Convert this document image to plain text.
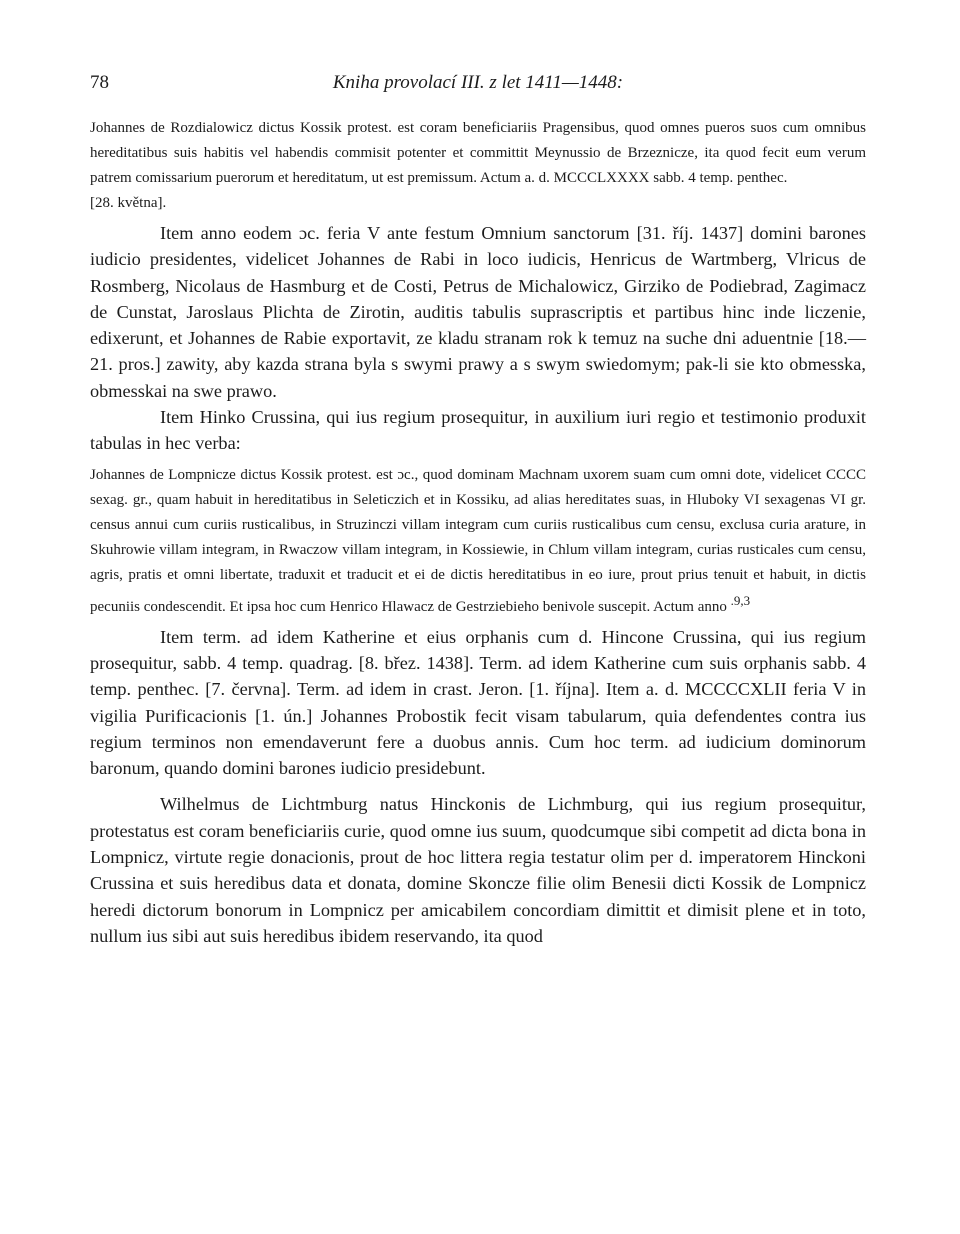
78	Kniha provolací III. z let 1411—1448:

Johannes de Rozdialowicz dictus Kossik protest. est coram beneficiariis Pragensibus, quod omnes pueros suos cum omnibus hereditatibus suis habitis vel habendis commisit potenter et committit Meynussio de Brzeznicze, ita quod fecit eum verum patrem comissarium puerorum et hereditatum, ut est premissum. Actum a. d. MCCCLXXXX sabb. 4 temp. penthec.

[28. května].

Item anno eodem ɔc. feria V ante festum Omnium sanctorum [31. říj. 1437] domini barones iudicio presidentes, videlicet Johannes de Rabi in loco iudicis, Henricus de Wartmberg, Vlricus de Rosmberg, Nicolaus de Hasmburg et de Costi, Petrus de Michalowicz, Girziko de Podiebrad, Zagimacz de Cunstat, Jaroslaus Plichta de Zirotin, auditis tabulis suprascriptis et partibus hinc inde liczenie, edixerunt, et Johannes de Rabie exportavit, ze kladu stranam rok k temuz na suche dni aduentnie [18.—21. pros.] zawity, aby kazda strana byla s swymi prawy a s swym swiedomym; pak-li sie kto obmesska, obmesskai na swe prawo.

Item Hinko Crussina, qui ius regium prosequitur, in auxilium iuri regio et testimonio produxit tabulas in hec verba:

Johannes de Lompnicze dictus Kossik protest. est ɔc., quod dominam Machnam uxorem suam cum omni dote, videlicet CCCC sexag. gr., quam habuit in hereditatibus in Seleticzich et in Kossiku, ad alias hereditates suas, in Hluboky VI sexagenas VI gr. census annui cum curiis rusticalibus, in Struzinczi villam integram cum curiis rusticalibus cum censu, exclusa curia arature, in Skuhrowie villam integram, in Rwaczow villam integram, in Kossiewie, in Chlum villam integram, curias rusticales cum censu, agris, pratis et omni libertate, traduxit et traducit et ei de dictis hereditatibus in eo iure, prout prius tenuit et habuit, in dictis pecuniis condescendit. Et ipsa hoc cum Henrico Hlawacz de Gestrziebieho benivole suscepit. Actum anno $^{.9,3}$

Item term. ad idem Katherine et eius orphanis cum d. Hincone Crussina, qui ius regium prosequitur, sabb. 4 temp. quadrag. [8. břez. 1438]. Term. ad idem Katherine cum suis orphanis sabb. 4 temp. penthec. [7. června]. Term. ad idem in crast. Jeron. [1. října]. Item a. d. MCCCCXLII feria V in vigilia Purificacionis [1. ún.] Johannes Probostik fecit visam tabularum, quia defendentes contra ius regium terminos non emendaverunt fere a duobus annis. Cum hoc term. ad iudicium dominorum baronum, quando domini barones iudicio presidebunt.

Wilhelmus de Lichtmburg natus Hinckonis de Lichmburg, qui ius regium prosequitur, protestatus est coram beneficiariis curie, quod omne ius suum, quodcumque sibi competit ad dicta bona in Lompnicz, virtute regie donacionis, prout de hoc littera regia testatur olim per d. imperatorem Hinckoni Crussina et suis heredibus data et donata, domine Skoncze filie olim Benesii dicti Kossik de Lompnicz heredi dictorum bonorum in Lompnicz per amicabilem concordiam dimittit et dimisit plene et in toto, nullum ius sibi aut suis heredibus ibidem reservando, ita quod
